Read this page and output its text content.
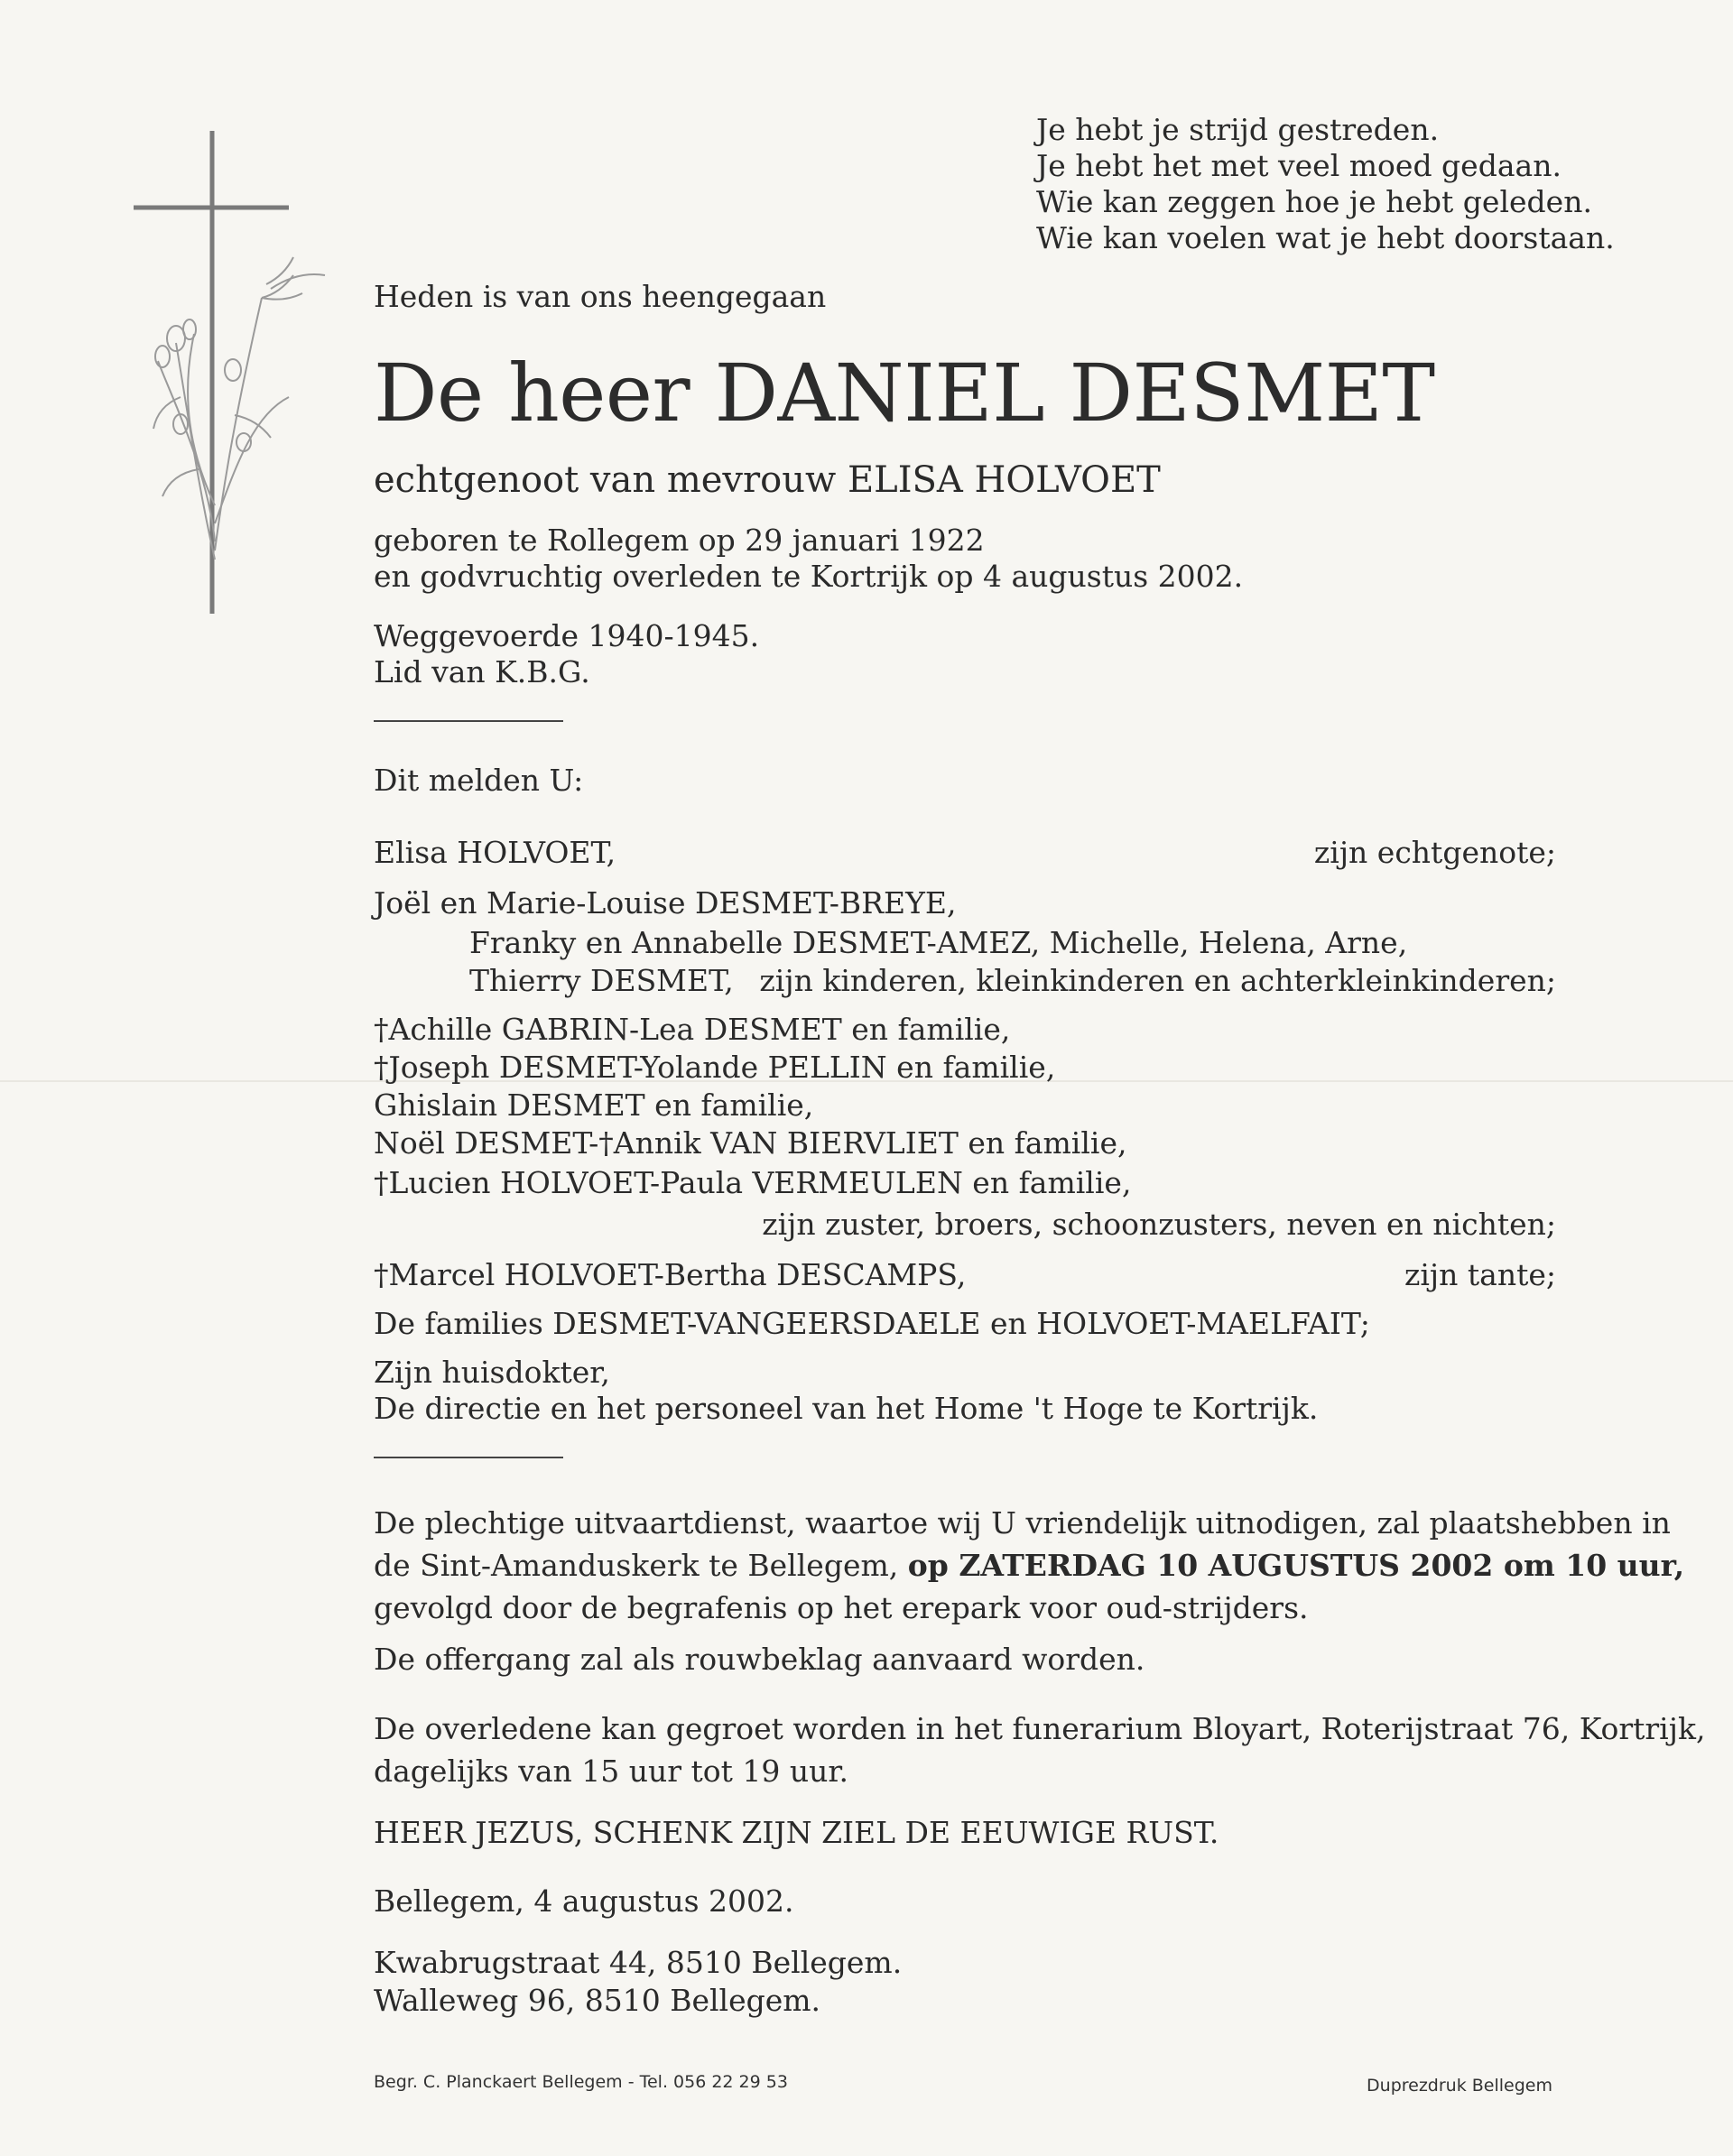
Je hebt je strijd gestreden.
Je hebt het met veel moed gedaan.
Wie kan zeggen hoe je hebt geleden.
Wie kan voelen wat je hebt doorstaan.
Heden is van ons heengegaan
De heer DANIEL DESMET
echtgenoot van mevrouw ELISA HOLVOET
geboren te Rollegem op 29 januari 1922
en godvruchtig overleden te Kortrijk op 4 augustus 2002.
Weggevoerde 1940-1945.
Lid van K.B.G.
Dit melden U:
Elisa HOLVOET,	zijn echtgenote;
Joël en Marie-Louise DESMET-BREYE,
Franky en Annabelle DESMET-AMEZ, Michelle, Helena, Arne,
Thierry DESMET, zijn kinderen, kleinkinderen en achterkleinkinderen;
†Achille GABRIN-Lea DESMET en familie,
†Joseph DESMET-Yolande PELLIN en familie,
Ghislain DESMET en familie,
Noël DESMET-†Annik VAN BIERVLIET en familie,
†Lucien HOLVOET-Paula VERMEULEN en familie,
zijn zuster, broers, schoonzusters, neven en nichten;
†Marcel HOLVOET-Bertha DESCAMPS,	zijn tante;
De families DESMET-VANGEERSDAELE en HOLVOET-MAELFAIT;
Zijn huisdokter,
De directie en het personeel van het Home 't Hoge te Kortrijk.
De plechtige uitvaartdienst, waartoe wij U vriendelijk uitnodigen, zal plaatshebben in
de Sint-Amanduskerk te Bellegem, op ZATERDAG 10 AUGUSTUS 2002 om 10 uur,
gevolgd door de begrafenis op het erepark voor oud-strijders.
De offergang zal als rouwbeklag aanvaard worden.
De overledene kan gegroet worden in het funerarium Bloyart, Roterijstraat 76, Kortrijk,
dagelijks van 15 uur tot 19 uur.
HEER JEZUS, SCHENK ZIJN ZIEL DE EEUWIGE RUST.
Bellegem, 4 augustus 2002.
Kwabrugstraat 44, 8510 Bellegem.
Walleweg 96, 8510 Bellegem.
Begr. C. Planckaert Bellegem - Tel. 056 22 29 53	Duprezdruk Bellegem
